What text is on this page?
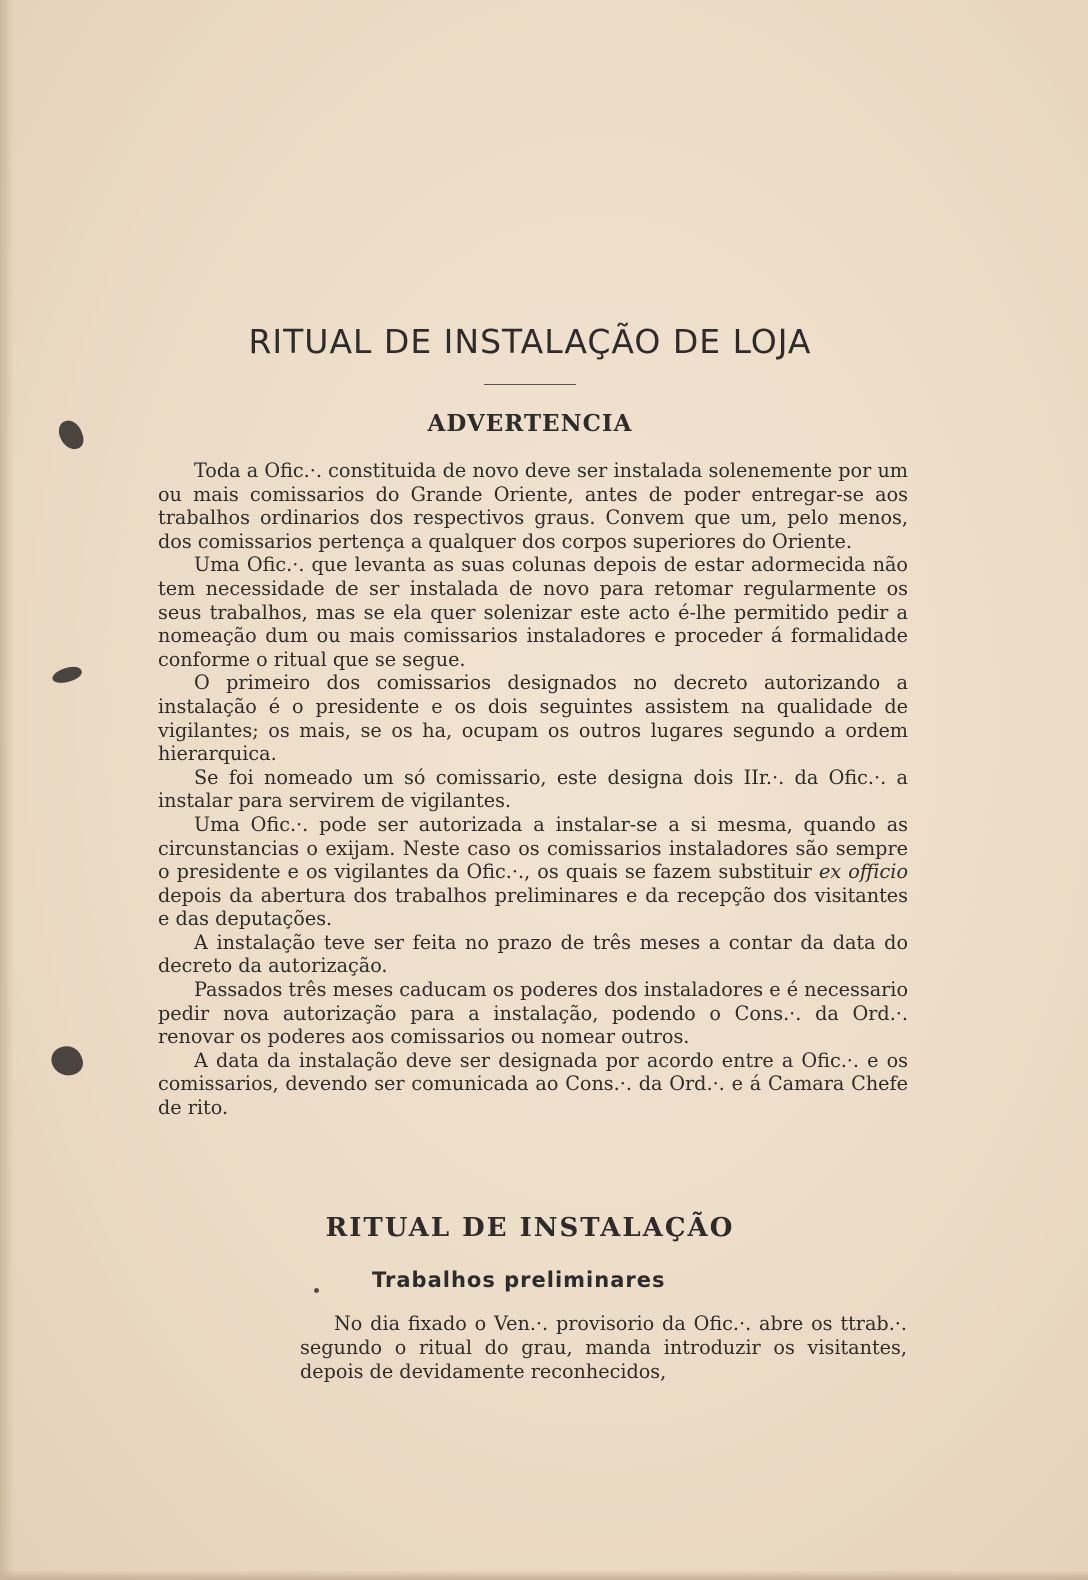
RITUAL DE INSTALAÇÃO DE LOJA
ADVERTENCIA

Toda a Ofic.·. constituida de novo deve ser instalada solenemente por um ou mais comissarios do Grande Oriente, antes de poder entregar-se aos trabalhos ordinarios dos respectivos graus. Convem que um, pelo menos, dos comissarios pertença a qualquer dos corpos superiores do Oriente.

Uma Ofic.·. que levanta as suas colunas depois de estar adormecida não tem necessidade de ser instalada de novo para retomar regularmente os seus trabalhos, mas se ela quer solenizar este acto é-lhe permitido pedir a nomeação dum ou mais comissarios instaladores e proceder á formalidade conforme o ritual que se segue.

O primeiro dos comissarios designados no decreto autorizando a instalação é o presidente e os dois seguintes assistem na qualidade de vigilantes; os mais, se os ha, ocupam os outros lugares segundo a ordem hierarquica.

Se foi nomeado um só comissario, este designa dois IIr.·. da Ofic.·. a instalar para servirem de vigilantes.

Uma Ofic.·. pode ser autorizada a instalar-se a si mesma, quando as circunstancias o exijam. Neste caso os comissarios instaladores são sempre o presidente e os vigilantes da Ofic.·., os quais se fazem substituir ex officio depois da abertura dos trabalhos preliminares e da recepção dos visitantes e das deputações.

A instalação teve ser feita no prazo de três meses a contar da data do decreto da autorização.

Passados três meses caducam os poderes dos instaladores e é necessario pedir nova autorização para a instalação, podendo o Cons.·. da Ord.·. renovar os poderes aos comissarios ou nomear outros.

A data da instalação deve ser designada por acordo entre a Ofic.·. e os comissarios, devendo ser comunicada ao Cons.·. da Ord.·. e á Camara Chefe de rito.

RITUAL DE INSTALAÇÃO
Trabalhos preliminares

No dia fixado o Ven.·. provisorio da Ofic.·. abre os ttrab.·. segundo o ritual do grau, manda introduzir os visitantes, depois de devidamente reconhecidos,
